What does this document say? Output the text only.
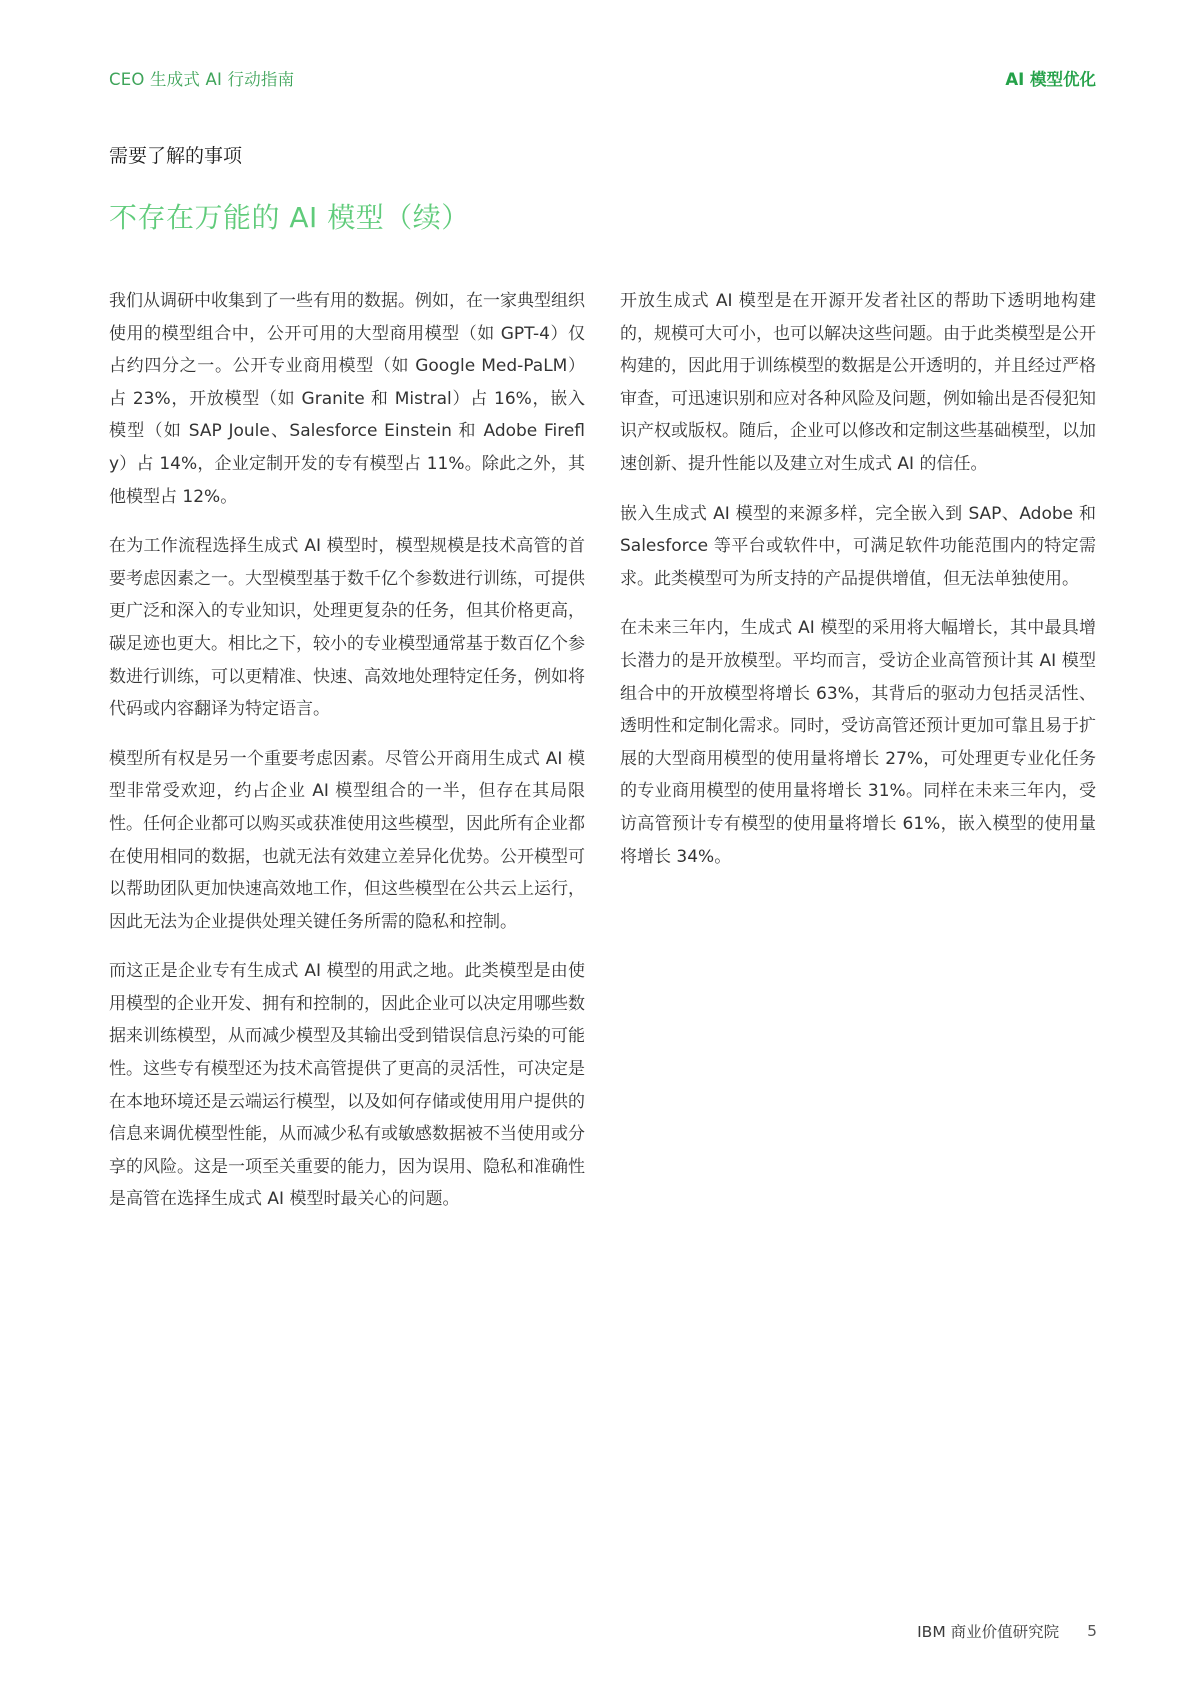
CEO 生成式 AI 行动指南	AI 模型优化
需要了解的事项
不存在万能的 AI 模型（续）

我们从调研中收集到了一些有用的数据。例如，在一家典型组织使用的模型组合中，公开可用的大型商用模型（如 GPT-4）仅占约四分之一。公开专业商用模型（如 Google Med-PaLM）占 23%，开放模型（如 Granite 和 Mistral）占 16%，嵌入模型（如 SAP Joule、Salesforce Einstein 和 Adobe Firefly）占 14%，企业定制开发的专有模型占 11%。除此之外，其他模型占 12%。

在为工作流程选择生成式 AI 模型时，模型规模是技术高管的首要考虑因素之一。大型模型基于数千亿个参数进行训练，可提供更广泛和深入的专业知识，处理更复杂的任务，但其价格更高，碳足迹也更大。相比之下，较小的专业模型通常基于数百亿个参数进行训练，可以更精准、快速、高效地处理特定任务，例如将代码或内容翻译为特定语言。

模型所有权是另一个重要考虑因素。尽管公开商用生成式 AI 模型非常受欢迎，约占企业 AI 模型组合的一半，但存在其局限性。任何企业都可以购买或获准使用这些模型，因此所有企业都在使用相同的数据，也就无法有效建立差异化优势。公开模型可以帮助团队更加快速高效地工作，但这些模型在公共云上运行，因此无法为企业提供处理关键任务所需的隐私和控制。

而这正是企业专有生成式 AI 模型的用武之地。此类模型是由使用模型的企业开发、拥有和控制的，因此企业可以决定用哪些数据来训练模型，从而减少模型及其输出受到错误信息污染的可能性。这些专有模型还为技术高管提供了更高的灵活性，可决定是在本地环境还是云端运行模型，以及如何存储或使用用户提供的信息来调优模型性能，从而减少私有或敏感数据被不当使用或分享的风险。这是一项至关重要的能力，因为误用、隐私和准确性是高管在选择生成式 AI 模型时最关心的问题。

开放生成式 AI 模型是在开源开发者社区的帮助下透明地构建的，规模可大可小，也可以解决这些问题。由于此类模型是公开构建的，因此用于训练模型的数据是公开透明的，并且经过严格审查，可迅速识别和应对各种风险及问题，例如输出是否侵犯知识产权或版权。随后，企业可以修改和定制这些基础模型，以加速创新、提升性能以及建立对生成式 AI 的信任。

嵌入生成式 AI 模型的来源多样，完全嵌入到 SAP、Adobe 和 Salesforce 等平台或软件中，可满足软件功能范围内的特定需求。此类模型可为所支持的产品提供增值，但无法单独使用。

在未来三年内，生成式 AI 模型的采用将大幅增长，其中最具增长潜力的是开放模型。平均而言，受访企业高管预计其 AI 模型组合中的开放模型将增长 63%，其背后的驱动力包括灵活性、透明性和定制化需求。同时，受访高管还预计更加可靠且易于扩展的大型商用模型的使用量将增长 27%，可处理更专业化任务的专业商用模型的使用量将增长 31%。同样在未来三年内，受访高管预计专有模型的使用量将增长 61%，嵌入模型的使用量将增长 34%。

IBM 商业价值研究院 5
